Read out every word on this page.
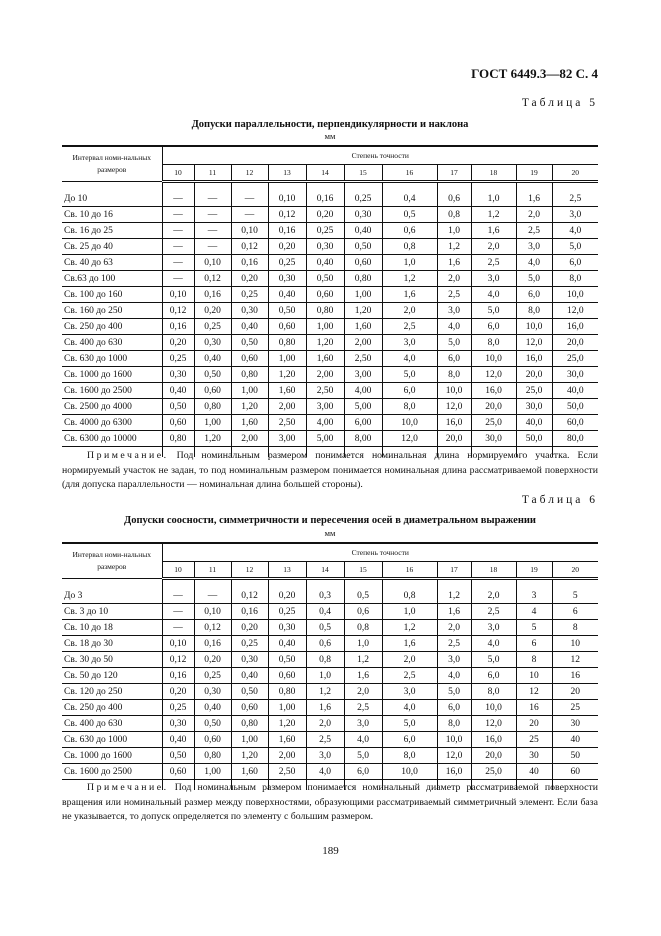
ГОСТ 6449.3—82 С. 4
Таблица 5
Допуски параллельности, перпендикулярности и наклона
мм
Интервал номи-нальных размеров	Степень точности										
	10	11	12	13	14	15	16	17	18	19	20

До 10	—	—	—	0,10	0,16	0,25	0,4	0,6	1,0	1,6	2,5
Св. 10 до 16	—	—	—	0,12	0,20	0,30	0,5	0,8	1,2	2,0	3,0
Св. 16 до 25	—	—	0,10	0,16	0,25	0,40	0,6	1,0	1,6	2,5	4,0
Св. 25 до 40	—	—	0,12	0,20	0,30	0,50	0,8	1,2	2,0	3,0	5,0
Св. 40 до 63	—	0,10	0,16	0,25	0,40	0,60	1,0	1,6	2,5	4,0	6,0
Св.63 до 100	—	0,12	0,20	0,30	0,50	0,80	1,2	2,0	3,0	5,0	8,0
Св. 100 до 160	0,10	0,16	0,25	0,40	0,60	1,00	1,6	2,5	4,0	6,0	10,0
Св. 160 до 250	0,12	0,20	0,30	0,50	0,80	1,20	2,0	3,0	5,0	8,0	12,0
Св. 250 до 400	0,16	0,25	0,40	0,60	1,00	1,60	2,5	4,0	6,0	10,0	16,0
Св. 400 до 630	0,20	0,30	0,50	0,80	1,20	2,00	3,0	5,0	8,0	12,0	20,0
Св. 630 до 1000	0,25	0,40	0,60	1,00	1,60	2,50	4,0	6,0	10,0	16,0	25,0
Св. 1000 до 1600	0,30	0,50	0,80	1,20	2,00	3,00	5,0	8,0	12,0	20,0	30,0
Св. 1600 до 2500	0,40	0,60	1,00	1,60	2,50	4,00	6,0	10,0	16,0	25,0	40,0
Св. 2500 до 4000	0,50	0,80	1,20	2,00	3,00	5,00	8,0	12,0	20,0	30,0	50,0
Св. 4000 до 6300	0,60	1,00	1,60	2,50	4,00	6,00	10,0	16,0	25,0	40,0	60,0
Св. 6300 до 10000	0,80	1,20	2,00	3,00	5,00	8,00	12,0	20,0	30,0	50,0	80,0

Примечание. Под номинальным размером понимается номинальная длина нормируемого участка. Если нормируемый участок не задан, то под номинальным размером понимается номинальная длина рассматриваемой поверхности (для допуска параллельности — номинальная длина большей стороны).
Таблица 6
Допуски соосности, симметричности и пересечения осей в диаметральном выражении
мм
Интервал номи-нальных размеров	Степень точности										
	10	11	12	13	14	15	16	17	18	19	20

До 3	—	—	0,12	0,20	0,3	0,5	0,8	1,2	2,0	3	5
Св. 3 до 10	—	0,10	0,16	0,25	0,4	0,6	1,0	1,6	2,5	4	6
Св. 10 до 18	—	0,12	0,20	0,30	0,5	0,8	1,2	2,0	3,0	5	8
Св. 18 до 30	0,10	0,16	0,25	0,40	0,6	1,0	1,6	2,5	4,0	6	10
Св. 30 до 50	0,12	0,20	0,30	0,50	0,8	1,2	2,0	3,0	5,0	8	12
Св. 50 до 120	0,16	0,25	0,40	0,60	1,0	1,6	2,5	4,0	6,0	10	16
Св. 120 до 250	0,20	0,30	0,50	0,80	1,2	2,0	3,0	5,0	8,0	12	20
Св. 250 до 400	0,25	0,40	0,60	1,00	1,6	2,5	4,0	6,0	10,0	16	25
Св. 400 до 630	0,30	0,50	0,80	1,20	2,0	3,0	5,0	8,0	12,0	20	30
Св. 630 до 1000	0,40	0,60	1,00	1,60	2,5	4,0	6,0	10,0	16,0	25	40
Св. 1000 до 1600	0,50	0,80	1,20	2,00	3,0	5,0	8,0	12,0	20,0	30	50
Св. 1600 до 2500	0,60	1,00	1,60	2,50	4,0	6,0	10,0	16,0	25,0	40	60

Примечание. Под номинальным размером понимается номинальный диаметр рассматриваемой поверхности вращения или номинальный размер между поверхностями, образующими рассматриваемый симметричный элемент. Если база не указывается, то допуск определяется по элементу с большим размером.
189
